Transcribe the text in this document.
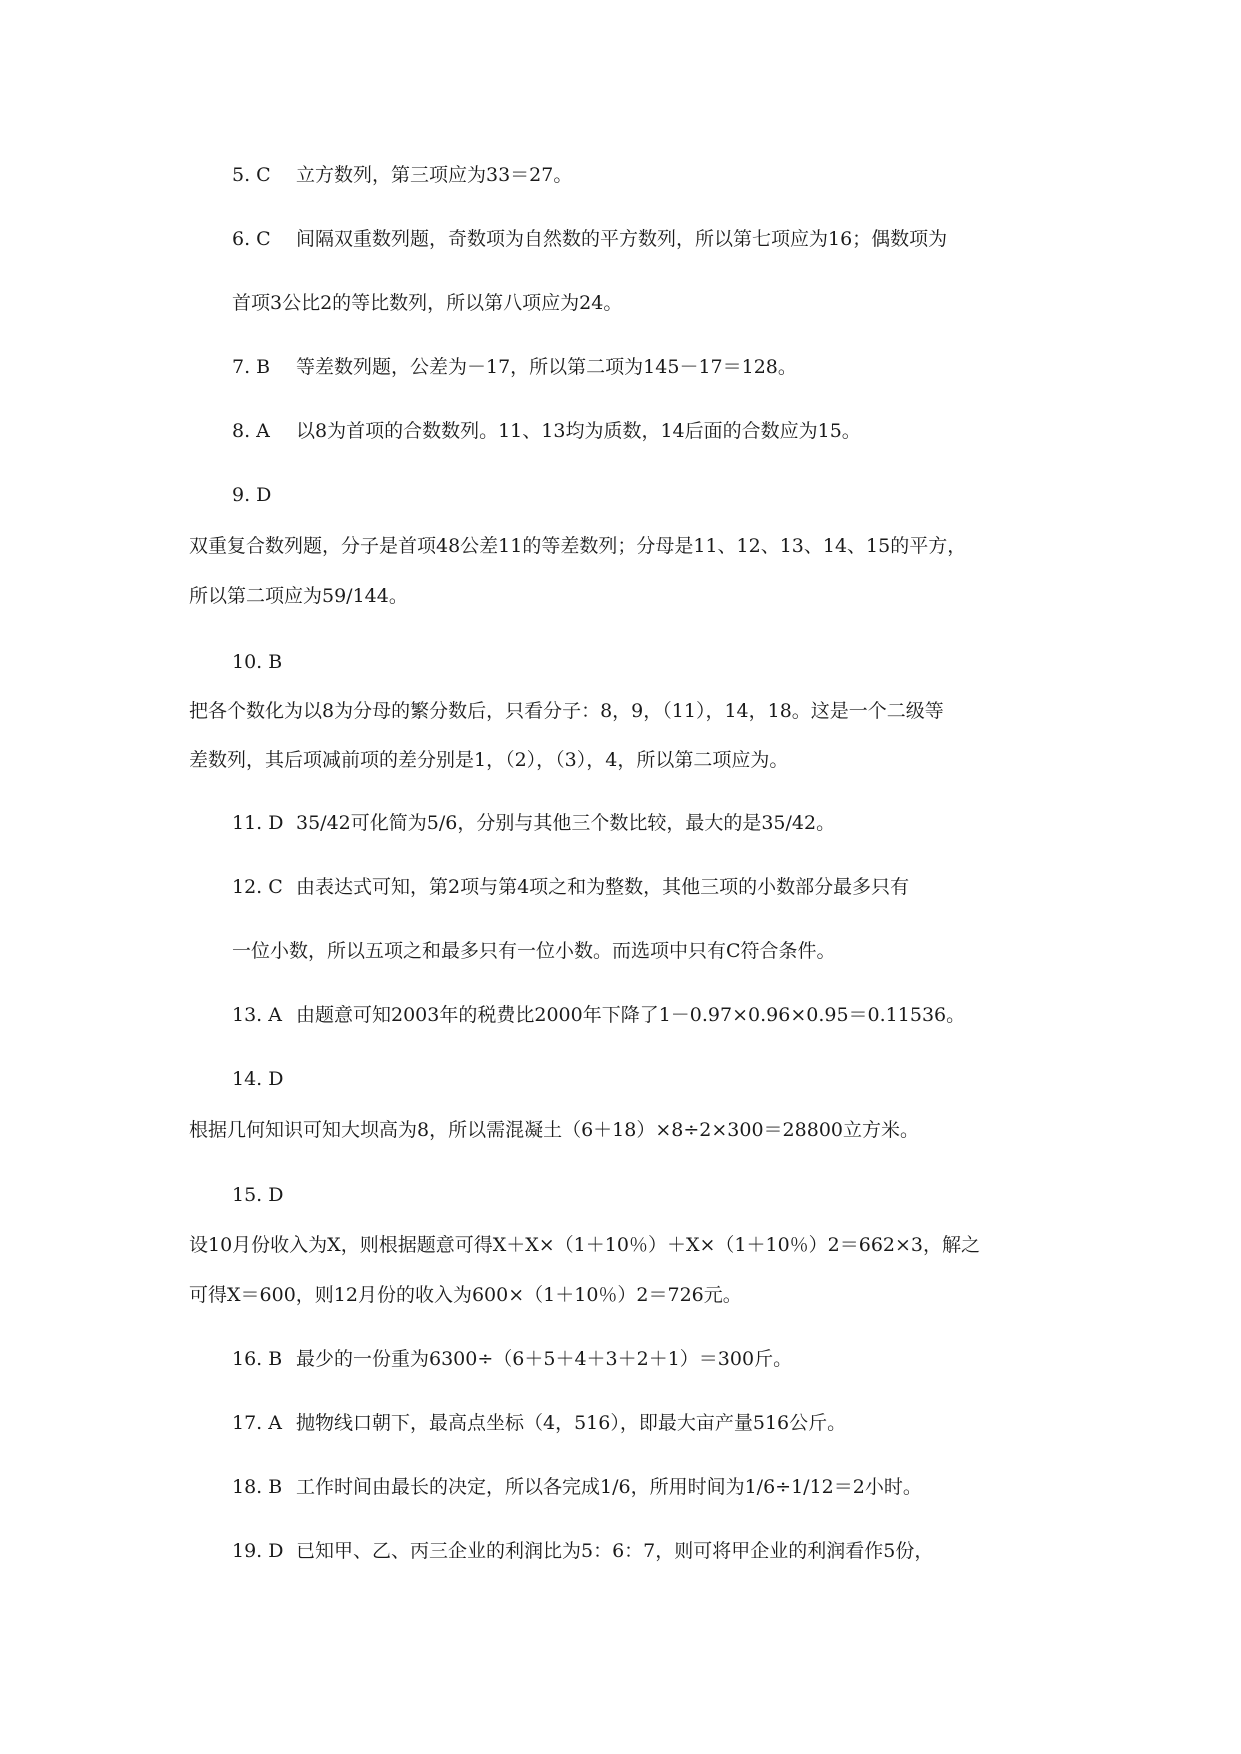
5. C 立方数列，第三项应为33＝27。
6. C 间隔双重数列题，奇数项为自然数的平方数列，所以第七项应为16；偶数项为
首项3公比2的等比数列，所以第八项应为24。
7. B 等差数列题，公差为－17，所以第二项为145－17＝128。
8. A 以8为首项的合数数列。11、13均为质数，14后面的合数应为15。
9. D
双重复合数列题，分子是首项48公差11的等差数列；分母是11、12、13、14、15的平方，
所以第二项应为59/144。
10. B
把各个数化为以8为分母的繁分数后，只看分子：8，9，（11），14，18。这是一个二级等
差数列，其后项减前项的差分别是1，（2），（3），4，所以第二项应为。
11. D 35/42可化简为5/6，分别与其他三个数比较，最大的是35/42。
12. C 由表达式可知，第2项与第4项之和为整数，其他三项的小数部分最多只有
一位小数，所以五项之和最多只有一位小数。而选项中只有C符合条件。
13. A 由题意可知2003年的税费比2000年下降了1－0.97×0.96×0.95＝0.11536。
14. D
根据几何知识可知大坝高为8，所以需混凝土（6＋18）×8÷2×300＝28800立方米。
15. D
设10月份收入为X，则根据题意可得X＋X×（1＋10％）＋X×（1＋10％）2＝662×3，解之
可得X＝600，则12月份的收入为600×（1＋10％）2＝726元。
16. B 最少的一份重为6300÷（6＋5＋4＋3＋2＋1）＝300斤。
17. A 抛物线口朝下，最高点坐标（4，516），即最大亩产量516公斤。
18. B 工作时间由最长的决定，所以各完成1/6，所用时间为1/6÷1/12＝2小时。
19. D 已知甲、乙、丙三企业的利润比为5：6：7，则可将甲企业的利润看作5份，
